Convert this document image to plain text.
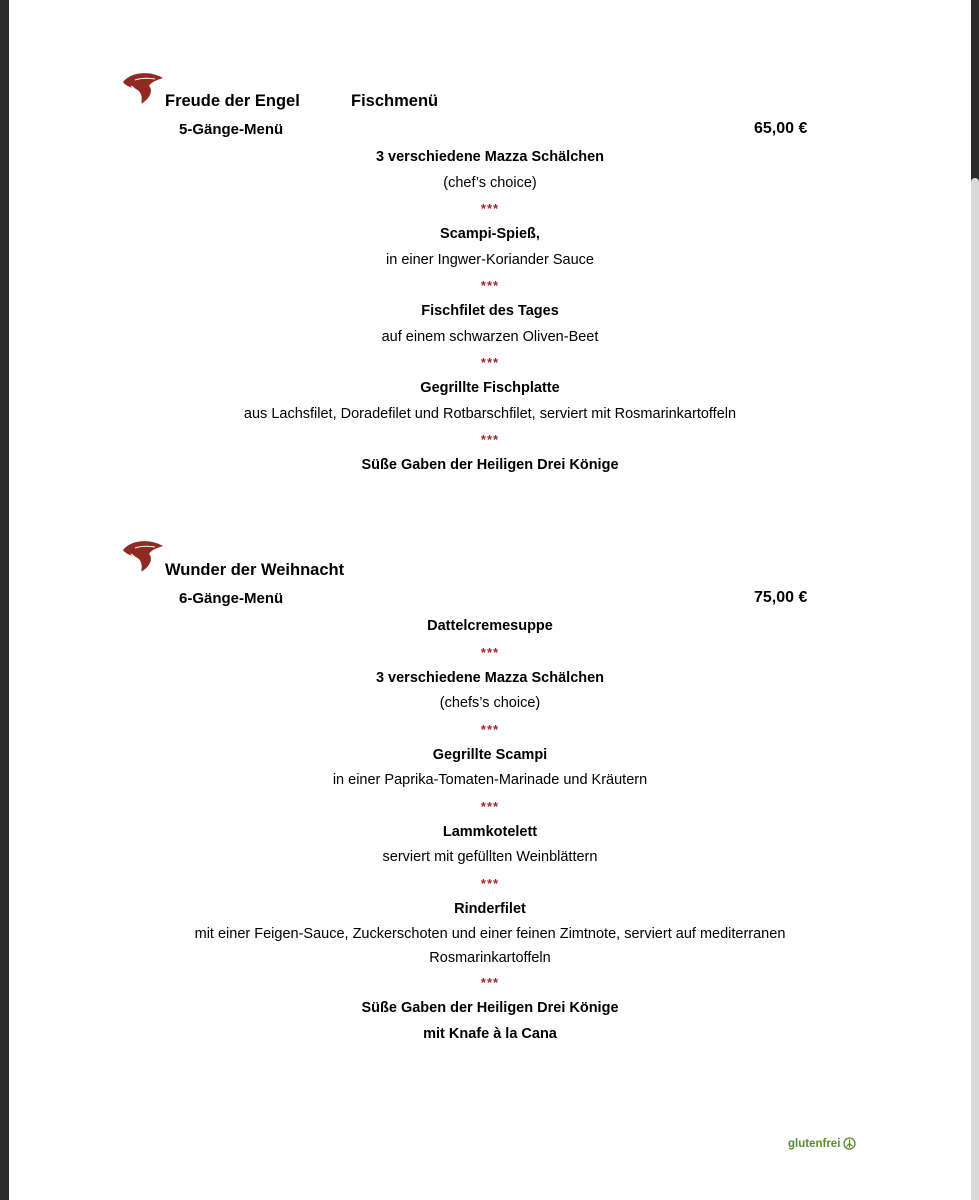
Freude der Engel	Fischmenü
5-Gänge-Menü	65,00 €
3 verschiedene Mazza Schälchen
(chef’s choice)
***
Scampi-Spieß,
in einer Ingwer-Koriander Sauce
***
Fischfilet des Tages
auf einem schwarzen Oliven-Beet
***
Gegrillte Fischplatte
aus Lachsfilet, Doradefilet und Rotbarschfilet, serviert mit Rosmarinkartoffeln
***
Süße Gaben der Heiligen Drei Könige
Wunder der Weihnacht
6-Gänge-Menü	75,00 €
Dattelcremesuppe
***
3 verschiedene Mazza Schälchen
(chefs’s choice)
***
Gegrillte Scampi
in einer Paprika-Tomaten-Marinade und Kräutern
***
Lammkotelett
serviert mit gefüllten Weinblättern
***
Rinderfilet
mit einer Feigen-Sauce, Zuckerschoten und einer feinen Zimtnote, serviert auf mediterranen Rosmarinkartoffeln
***
Süße Gaben der Heiligen Drei Könige
mit Knafe à la Cana
glutenfrei
